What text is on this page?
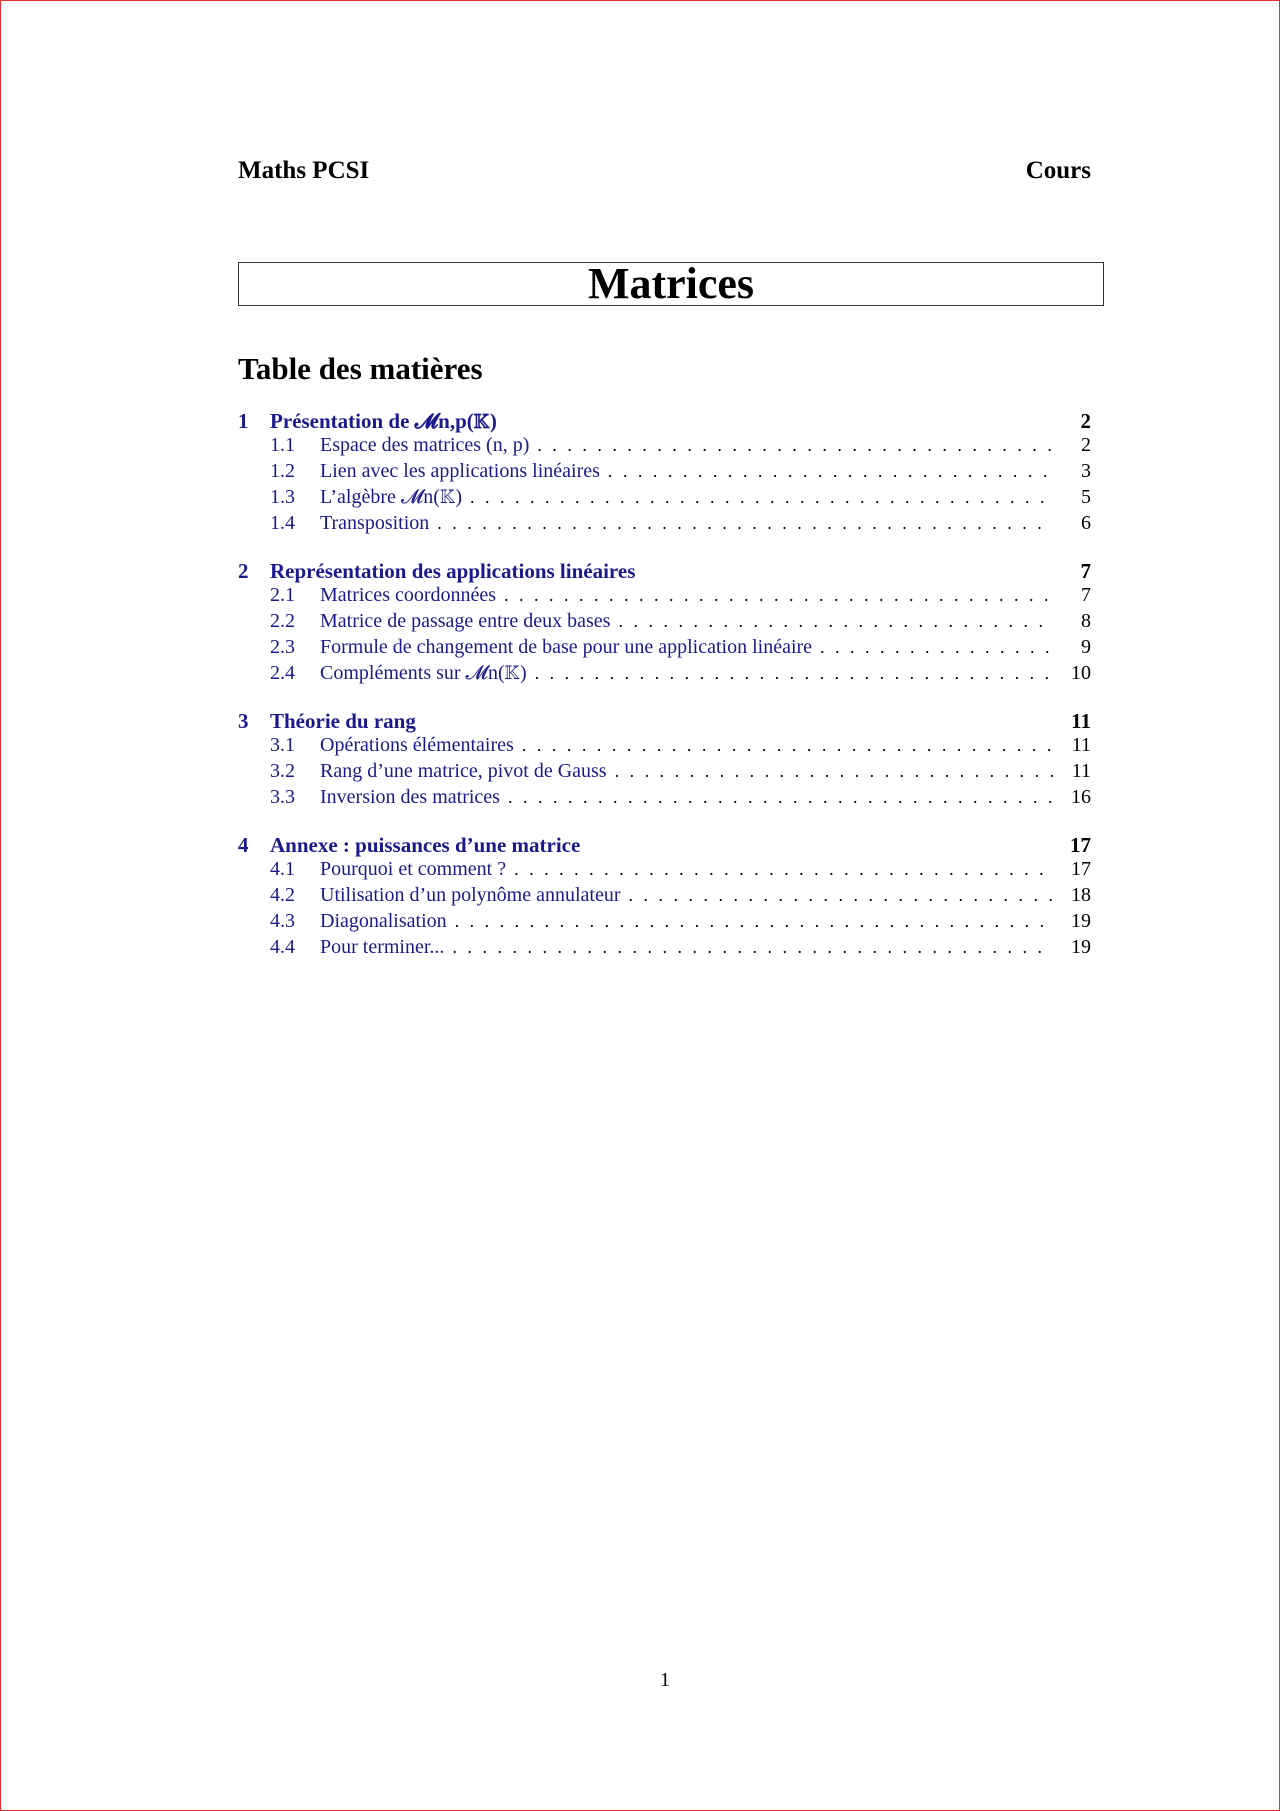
Maths PCSI	Cours
Matrices
Table des matières
1	Présentation de 𝓜n,p(𝕂)	2
1.1	Espace des matrices (n, p) . . .	2
1.2	Lien avec les applications linéaires . . .	3
1.3	L’algèbre 𝓜n(𝕂) . . .	5
1.4	Transposition . . .	6
2	Représentation des applications linéaires	7
2.1	Matrices coordonnées . . .	7
2.2	Matrice de passage entre deux bases . . .	8
2.3	Formule de changement de base pour une application linéaire . . .	9
2.4	Compléments sur 𝓜n(𝕂) . . .	10
3	Théorie du rang	11
3.1	Opérations élémentaires . . .	11
3.2	Rang d’une matrice, pivot de Gauss . . .	11
3.3	Inversion des matrices . . .	16
4	Annexe : puissances d’une matrice	17
4.1	Pourquoi et comment ? . . .	17
4.2	Utilisation d’un polynôme annulateur . . .	18
4.3	Diagonalisation . . .	19
4.4	Pour terminer... . . .	19
1
